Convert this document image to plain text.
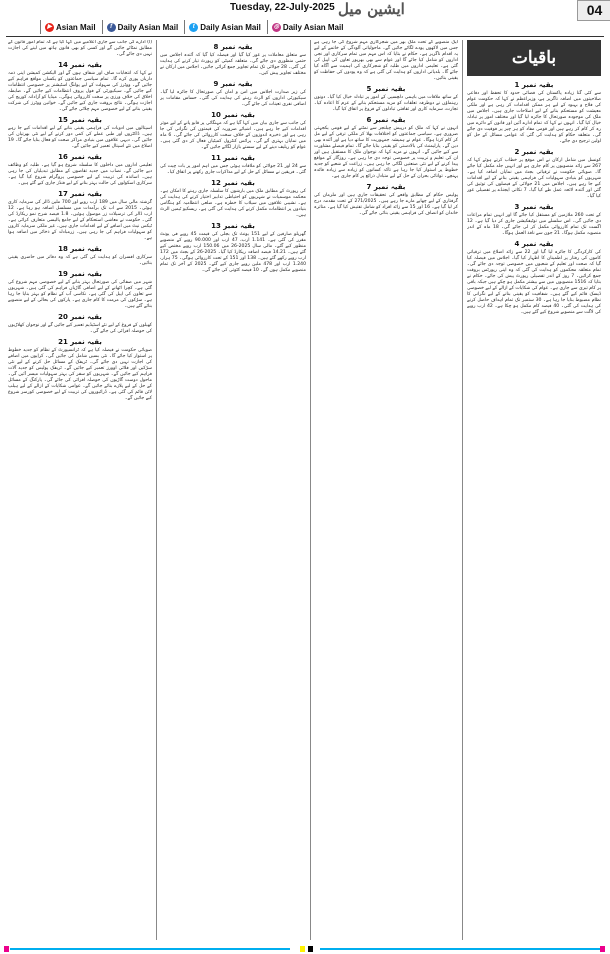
Tuesday, 22-July-2025 ایشین میل	04
▶ Asian Mail	f Daily Asian Mail	t Daily Asian Mail	◎ Daily Asian Mail
باقیات
بقیہ نمبر 1

سے کئی گنا زیادہ پاکستان کی فضائی حدود کا تحفظ اور دفاعی صلاحیتوں میں اضافہ ناگزیر ہے، وزیراعظم نے کہا کہ حکومت عوام کی فلاح و بہبود کے لیے ہر ممکن اقدامات کر رہی ہے اور ملکی معیشت کو مستحکم بنانے کے لیے اصلاحات جاری ہیں۔ اجلاس میں ملک کی موجودہ صورتحال کا جائزہ لیا گیا اور مختلف امور پر تبادلہ خیال کیا گیا۔ انہوں نے کہا کہ تمام ادارے آئین اور قانون کے دائرے میں رہ کر کام کر رہے ہیں اور قومی مفاد کو ہر چیز پر فوقیت دی جائے گی۔ متعلقہ حکام کو ہدایت کی گئی کہ عوامی مسائل کے حل کو اولین ترجیح دی جائے۔

بقیہ نمبر 2

کونسل میں شامل ارکان نے اس موقع پر خطاب کرتے ہوئے کہا کہ 267 سے زائد منصوبوں پر کام جاری ہے اور انہیں جلد مکمل کیا جائے گا۔ صوبائی حکومت نے ترقیاتی بجٹ میں نمایاں اضافہ کیا ہے۔ شہریوں کو بنیادی سہولیات کی فراہمی یقینی بنانے کے لیے اقدامات کیے جا رہے ہیں۔ اجلاس میں 21 جولائی کے فیصلوں کی توثیق کی گئی اور آئندہ لائحہ عمل طے کیا گیا۔ 7 نکاتی ایجنڈے پر تفصیلی غور کیا گیا۔

بقیہ نمبر 3

کے تحت 260 ملازمین کو مستقل کیا جائے گا اور انہیں تمام مراعات دی جائیں گی۔ اس سلسلے میں نوٹیفکیشن جاری کر دیا گیا ہے۔ 12 اگست تک تمام کارروائی مکمل کر لی جائے گی۔ 18 ماہ کے اندر منصوبہ مکمل ہوگا۔ 21 جون سے نافذ العمل ہوگا۔

بقیہ نمبر 4

کی کارکردگی کا جائزہ لیا گیا اور 22 سے زائد اضلاع میں ترقیاتی کاموں کی رفتار پر اطمینان کا اظہار کیا گیا۔ اجلاس میں فیصلہ کیا گیا کہ صحت اور تعلیم کے شعبوں میں خصوصی توجہ دی جائے گی۔ تمام متعلقہ محکموں کو ہدایت کی گئی کہ وہ اپنی رپورٹس بروقت جمع کرائیں۔ 7 روز کے اندر تفصیلی رپورٹ پیش کی جائے۔ حکام نے بتایا کہ 1516 منصوبوں میں سے بیشتر مکمل ہو چکے ہیں جبکہ باقی پر کام تیزی سے جاری ہے۔ عوام کی شکایات کے ازالے کے لیے خصوصی ڈیسک قائم کیے گئے ہیں۔ شفافیت کو یقینی بنانے کے لیے نگرانی کا نظام مضبوط بنایا جا رہا ہے۔ 30 ستمبر تک تمام اہداف حاصل کرنے کی ہدایت کی گئی۔ 40 فیصد کام مکمل ہو چکا ہے۔ 42 ارب روپے کی لاگت سے منصوبے شروع کیے گئے ہیں۔

ایک منصوبے کے تحت ملک بھر میں شجرکاری مہم شروع کی جا رہی ہے جس میں لاکھوں پودے لگائے جائیں گے۔ ماحولیاتی آلودگی کے خاتمے کے لیے یہ اقدام ناگزیر ہے۔ حکام نے بتایا کہ اس مہم میں تمام سرکاری اور نجی اداروں کو شامل کیا جائے گا اور عوام سے بھی بھرپور تعاون کی اپیل کی گئی ہے۔ تعلیمی اداروں میں طلبہ کو شجرکاری کی اہمیت سے آگاہ کیا جائے گا۔ بلدیاتی اداروں کو ہدایت کی گئی ہے کہ وہ پودوں کی حفاظت کو یقینی بنائیں۔

بقیہ نمبر 5

کے ساتھ ملاقات میں باہمی دلچسپی کے امور پر تبادلہ خیال کیا گیا۔ دونوں رہنماؤں نے دوطرفہ تعلقات کو مزید مستحکم بنانے کے عزم کا اعادہ کیا۔ تجارت، سرمایہ کاری اور ثقافتی تبادلوں کے فروغ پر اتفاق کیا گیا۔

بقیہ نمبر 6

انہوں نے کہا کہ ملک کو درپیش چیلنجز سے نمٹنے کے لیے قومی یکجہتی ضروری ہے۔ سیاسی جماعتوں کو اختلافات بھلا کر ملکی ترقی کے لیے مل کر کام کرنا ہوگا۔ عوام نے ہمیشہ جمہوریت کا ساتھ دیا ہے اور آئندہ بھی دیں گے۔ پارلیمنٹ کی بالادستی کو یقینی بنایا جائے گا۔ تمام فیصلے مشاورت سے کیے جائیں گے۔ انہوں نے مزید کہا کہ نوجوان ملک کا مستقبل ہیں اور ان کی تعلیم و تربیت پر خصوصی توجہ دی جا رہی ہے۔ روزگار کے مواقع پیدا کرنے کے لیے نئی صنعتیں لگائی جا رہی ہیں۔ زراعت کے شعبے کو جدید خطوط پر استوار کیا جا رہا ہے تاکہ کسانوں کو زیادہ سے زیادہ فائدہ پہنچے۔ توانائی بحران کے حل کے لیے متبادل ذرائع پر کام جاری ہے۔

بقیہ نمبر 7

پولیس حکام کے مطابق واقعے کی تحقیقات جاری ہیں اور ملزمان کی گرفتاری کے لیے چھاپے مارے جا رہے ہیں۔ 271/2025 کے تحت مقدمہ درج کر لیا گیا ہے۔ 16 اور 15 سے زائد افراد کو شامل تفتیش کیا گیا ہے۔ متاثرہ خاندان کو انصاف کی فراہمی یقینی بنائی جائے گی۔

بقیہ نمبر 8

سے متعلق معاملات پر غور کیا گیا اور فیصلہ کیا گیا کہ آئندہ اجلاس میں حتمی منظوری دی جائے گی۔ متعلقہ کمیٹی کو رپورٹ تیار کرنے کی ہدایت کی گئی۔ 28 جولائی تک تمام تجاویز جمع کرائی جائیں۔ اجلاس میں ارکان نے مختلف تجاویز پیش کیں۔

بقیہ نمبر 9

کی زیر صدارت اجلاس میں امن و امان کی صورتحال کا جائزہ لیا گیا۔ سیکیورٹی اداروں کو الرٹ رہنے کی ہدایت کی گئی۔ حساس مقامات پر اضافی نفری تعینات کی جائے گی۔

بقیہ نمبر 10

کی جانب سے جاری بیان میں کہا گیا ہے کہ مہنگائی پر قابو پانے کے لیے موثر اقدامات کیے جا رہے ہیں۔ اشیائے ضروریہ کی قیمتوں کی نگرانی کی جا رہی ہے اور ذخیرہ اندوزوں کے خلاف سخت کارروائی کی جائے گی۔ 6 ماہ میں نمایاں بہتری آئے گی۔ پرائس کنٹرول کمیٹیاں فعال کر دی گئی ہیں۔ عوام کو ریلیف دینے کے لیے سستے بازار لگائے جائیں گے۔

بقیہ نمبر 11

سے 24 اور 21 جولائی کو ملاقات ہوئی جس میں اہم امور پر بات چیت کی گئی۔ فریقین نے مسائل کے حل کے لیے مذاکرات جاری رکھنے پر اتفاق کیا۔

بقیہ نمبر 12

کی رپورٹ کے مطابق ملک میں بارشوں کا سلسلہ جاری رہنے کا امکان ہے۔ محکمہ موسمیات نے شہریوں کو احتیاطی تدابیر اختیار کرنے کی ہدایت کی ہے۔ نشیبی علاقوں میں سیلاب کا خطرہ ہے۔ ضلعی انتظامیہ کو ہنگامی بنیادوں پر انتظامات مکمل کرنے کی ہدایت کی گئی ہے۔ ریسکیو ٹیمیں الرٹ ہیں۔

بقیہ نمبر 13

گھریلو صارفین کے لیے 151 یونٹ تک بجلی کی قیمت 45 روپے فی یونٹ مقرر کی گئی ہے۔ 1.141 ارب، 47 ارب اور 90.000 روپے کے منصوبے منظور کیے گئے۔ مالی سال 2025-26 میں 150.06 ارب روپے مختص کیے گئے ہیں۔ 14.21 فیصد اضافہ ریکارڈ کیا گیا۔ 2025-26 کے بجٹ میں 172 ارب روپے رکھے گئے ہیں۔ 138 اور 151 کے تحت کارروائی ہوگی۔ 75 ہزار، 1.240 ارب اور 478 ملین روپے جاری کیے گئے۔ 2025 کے آخر تک تمام منصوبے مکمل ہوں گے۔ 10 فیصد کٹوتی کی جائے گی۔

(ا) ادارے کی جانب سے جاری اعلامیے میں کہا گیا ہے کہ تمام امور قانون کے مطابق نمٹائے جائیں گے اور کسی کو بھی قانون ہاتھ میں لینے کی اجازت نہیں دی جائے گی۔

بقیہ نمبر 14

نے کہا کہ انتخابات صاف اور شفاف ہوں گے اور الیکشن کمیشن اپنی ذمہ داریاں پوری کرے گا۔ تمام سیاسی جماعتوں کو یکساں مواقع فراہم کیے جائیں گے۔ ووٹرز کی سہولت کے لیے پولنگ اسٹیشنز پر خصوصی انتظامات کیے جائیں گے۔ سیکیورٹی کے فول پروف انتظامات کیے جائیں گے۔ ضابطہ اخلاق کی خلاف ورزی پر سخت کارروائی ہوگی۔ میڈیا کو آزادانہ کوریج کی اجازت ہوگی۔ نتائج بروقت جاری کیے جائیں گے۔ خواتین ووٹرز کی شرکت یقینی بنانے کے لیے خصوصی مہم چلائی جائے گی۔

بقیہ نمبر 15

اسپتالوں میں ادویات کی فراہمی یقینی بنانے کے لیے اقدامات کیے جا رہے ہیں۔ ڈاکٹروں اور طبی عملے کی کمی دور کرنے کے لیے نئی بھرتیاں کی جائیں گی۔ دیہی علاقوں میں بنیادی مراکز صحت کو فعال بنایا جائے گا۔ 19 اضلاع میں نئے اسپتال تعمیر کیے جائیں گے۔

بقیہ نمبر 16

تعلیمی اداروں میں داخلوں کا سلسلہ شروع ہو گیا ہے۔ طلبہ کو وظائف دیے جائیں گے۔ نصاب میں جدید تقاضوں کے مطابق تبدیلیاں کی جا رہی ہیں۔ اساتذہ کی تربیت کے لیے خصوصی پروگرام شروع کیا گیا ہے۔ سرکاری اسکولوں کی حالت بہتر بنانے کے لیے فنڈز جاری کیے گئے ہیں۔

بقیہ نمبر 17

گزشتہ مالی سال میں 189 ارب روپے اور 700 ملین ڈالر کی سرمایہ کاری ہوئی۔ 2015 سے اب تک برآمدات میں مسلسل اضافہ ہو رہا ہے۔ 12 ارب ڈالر کی ترسیلات زر موصول ہوئیں۔ 1.8 فیصد شرح نمو ریکارڈ کی گئی۔ حکومت نے معاشی استحکام کے لیے جامع پالیسی متعارف کرائی ہے۔ ٹیکس نیٹ میں اضافے کے لیے اقدامات جاری ہیں۔ غیر ملکی سرمایہ کاروں کو سہولیات فراہم کی جا رہی ہیں۔ زرمبادلہ کے ذخائر میں اضافہ ہوا ہے۔

بقیہ نمبر 18

سرکاری افسران کو ہدایت کی گئی ہے کہ وہ دفاتر میں حاضری یقینی بنائیں۔

بقیہ نمبر 19

شہر میں صفائی کی صورتحال بہتر بنانے کے لیے خصوصی مہم شروع کی گئی ہے۔ کچرا اٹھانے کے لیے اضافی گاڑیاں فراہم کی گئی ہیں۔ شہریوں سے تعاون کی اپیل کی گئی ہے۔ نکاسی آب کے نظام کو بہتر بنایا جا رہا ہے۔ سڑکوں کی مرمت کا کام جاری ہے۔ پارکوں کی بحالی کے لیے منصوبے بنائے گئے ہیں۔

بقیہ نمبر 20

کھیلوں کے فروغ کے لیے نئے اسٹیڈیم تعمیر کیے جائیں گے اور نوجوان کھلاڑیوں کی حوصلہ افزائی کی جائے گی۔

بقیہ نمبر 21

صوبائی حکومت نے فیصلہ کیا ہے کہ ٹرانسپورٹ کے نظام کو جدید خطوط پر استوار کیا جائے گا۔ نئی بسیں شامل کی جائیں گی۔ کرایوں میں اضافے کی اجازت نہیں دی جائے گی۔ ٹریفک کے مسائل حل کرنے کے لیے نئی سڑکیں اور فلائی اوورز تعمیر کیے جائیں گے۔ ٹریفک پولیس کو جدید آلات فراہم کیے جائیں گے۔ شہریوں کو سفر کی بہتر سہولیات میسر آئیں گی۔ ماحول دوست گاڑیوں کی حوصلہ افزائی کی جائے گی۔ پارکنگ کے مسائل کے حل کے لیے پلازے بنائے جائیں گے۔ عوامی شکایات کے ازالے کے لیے ہیلپ لائن قائم کی گئی ہے۔ ڈرائیوروں کی تربیت کے لیے خصوصی کورسز شروع کیے جائیں گے۔
